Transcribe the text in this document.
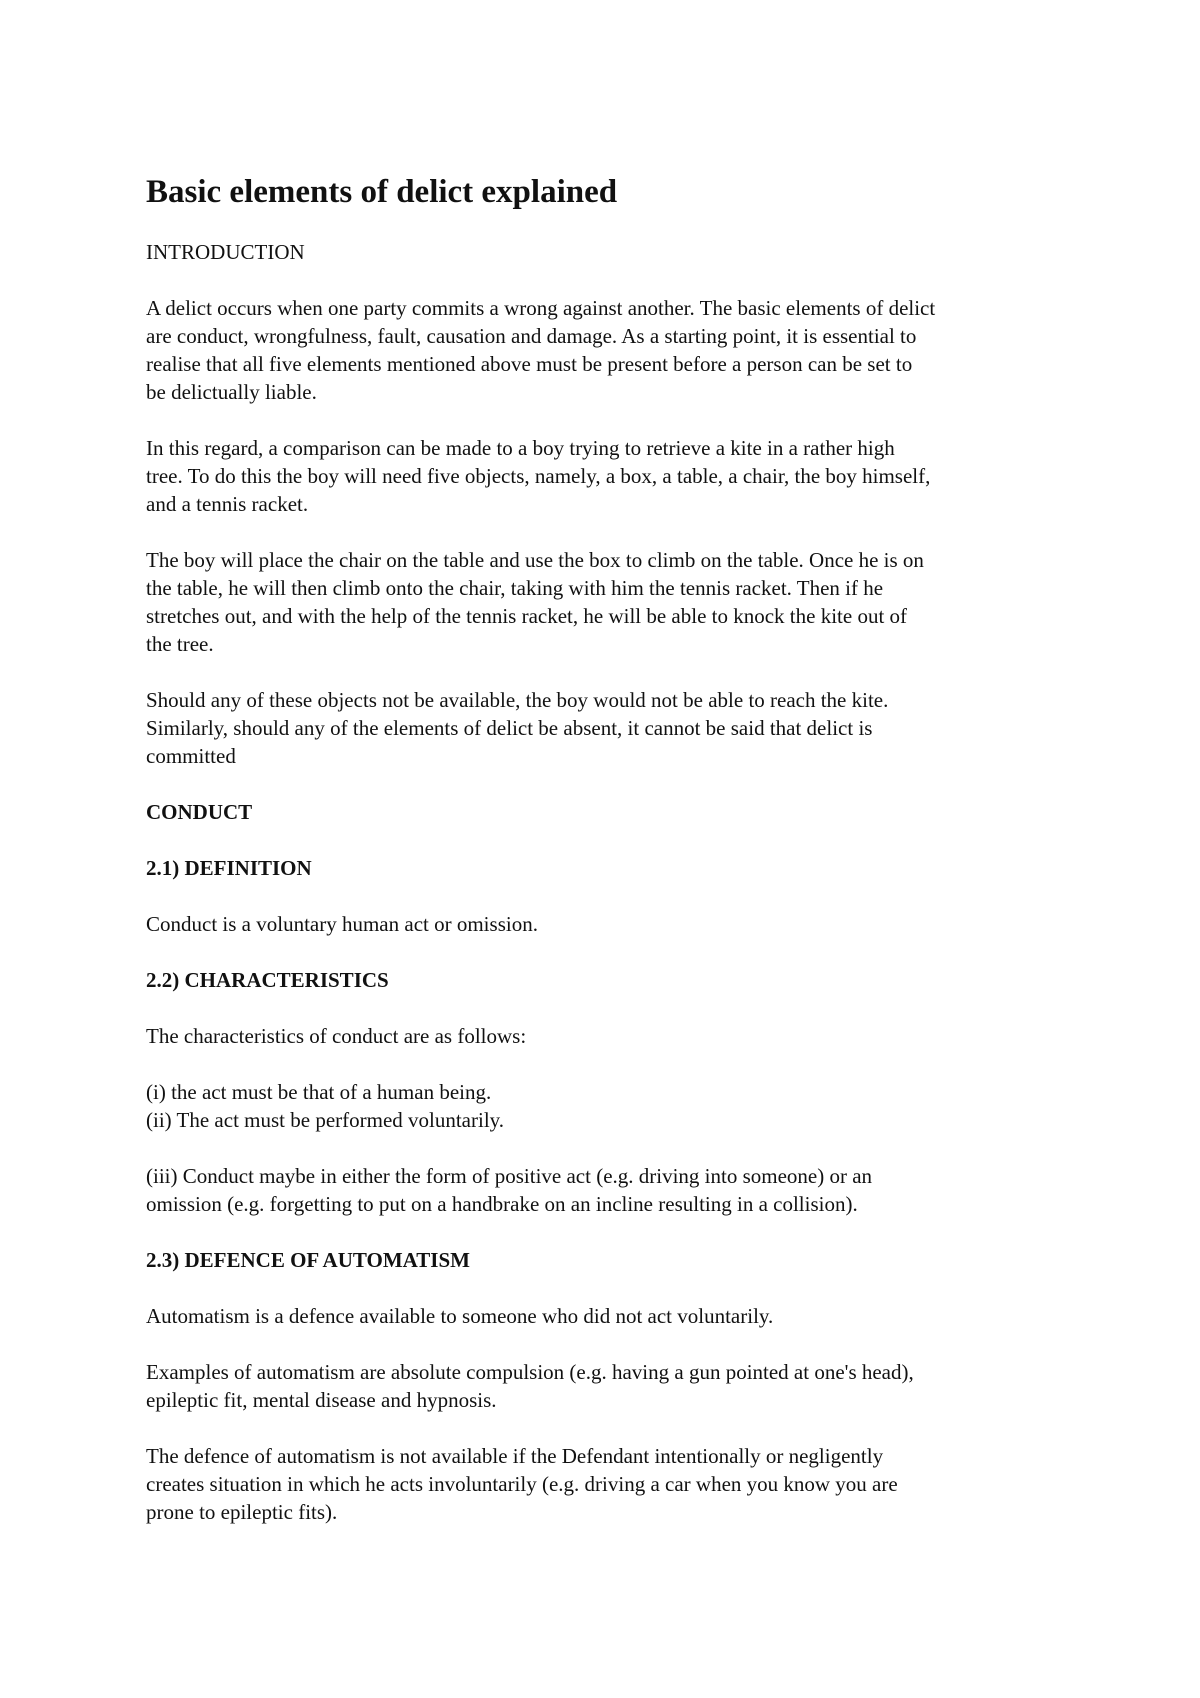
Basic elements of delict explained
INTRODUCTION
A delict occurs when one party commits a wrong against another. The basic elements of delict
are conduct, wrongfulness, fault, causation and damage. As a starting point, it is essential to
realise that all five elements mentioned above must be present before a person can be set to
be delictually liable.
In this regard, a comparison can be made to a boy trying to retrieve a kite in a rather high
tree. To do this the boy will need five objects, namely, a box, a table, a chair, the boy himself,
and a tennis racket.
The boy will place the chair on the table and use the box to climb on the table. Once he is on
the table, he will then climb onto the chair, taking with him the tennis racket. Then if he
stretches out, and with the help of the tennis racket, he will be able to knock the kite out of
the tree.
Should any of these objects not be available, the boy would not be able to reach the kite.
Similarly, should any of the elements of delict be absent, it cannot be said that delict is
committed
CONDUCT
2.1) DEFINITION
Conduct is a voluntary human act or omission.
2.2) CHARACTERISTICS
The characteristics of conduct are as follows:
(i) the act must be that of a human being.
(ii) The act must be performed voluntarily.
(iii) Conduct maybe in either the form of positive act (e.g. driving into someone) or an
omission (e.g. forgetting to put on a handbrake on an incline resulting in a collision).
2.3) DEFENCE OF AUTOMATISM
Automatism is a defence available to someone who did not act voluntarily.
Examples of automatism are absolute compulsion (e.g. having a gun pointed at one's head),
epileptic fit, mental disease and hypnosis.
The defence of automatism is not available if the Defendant intentionally or negligently
creates situation in which he acts involuntarily (e.g. driving a car when you know you are
prone to epileptic fits).
